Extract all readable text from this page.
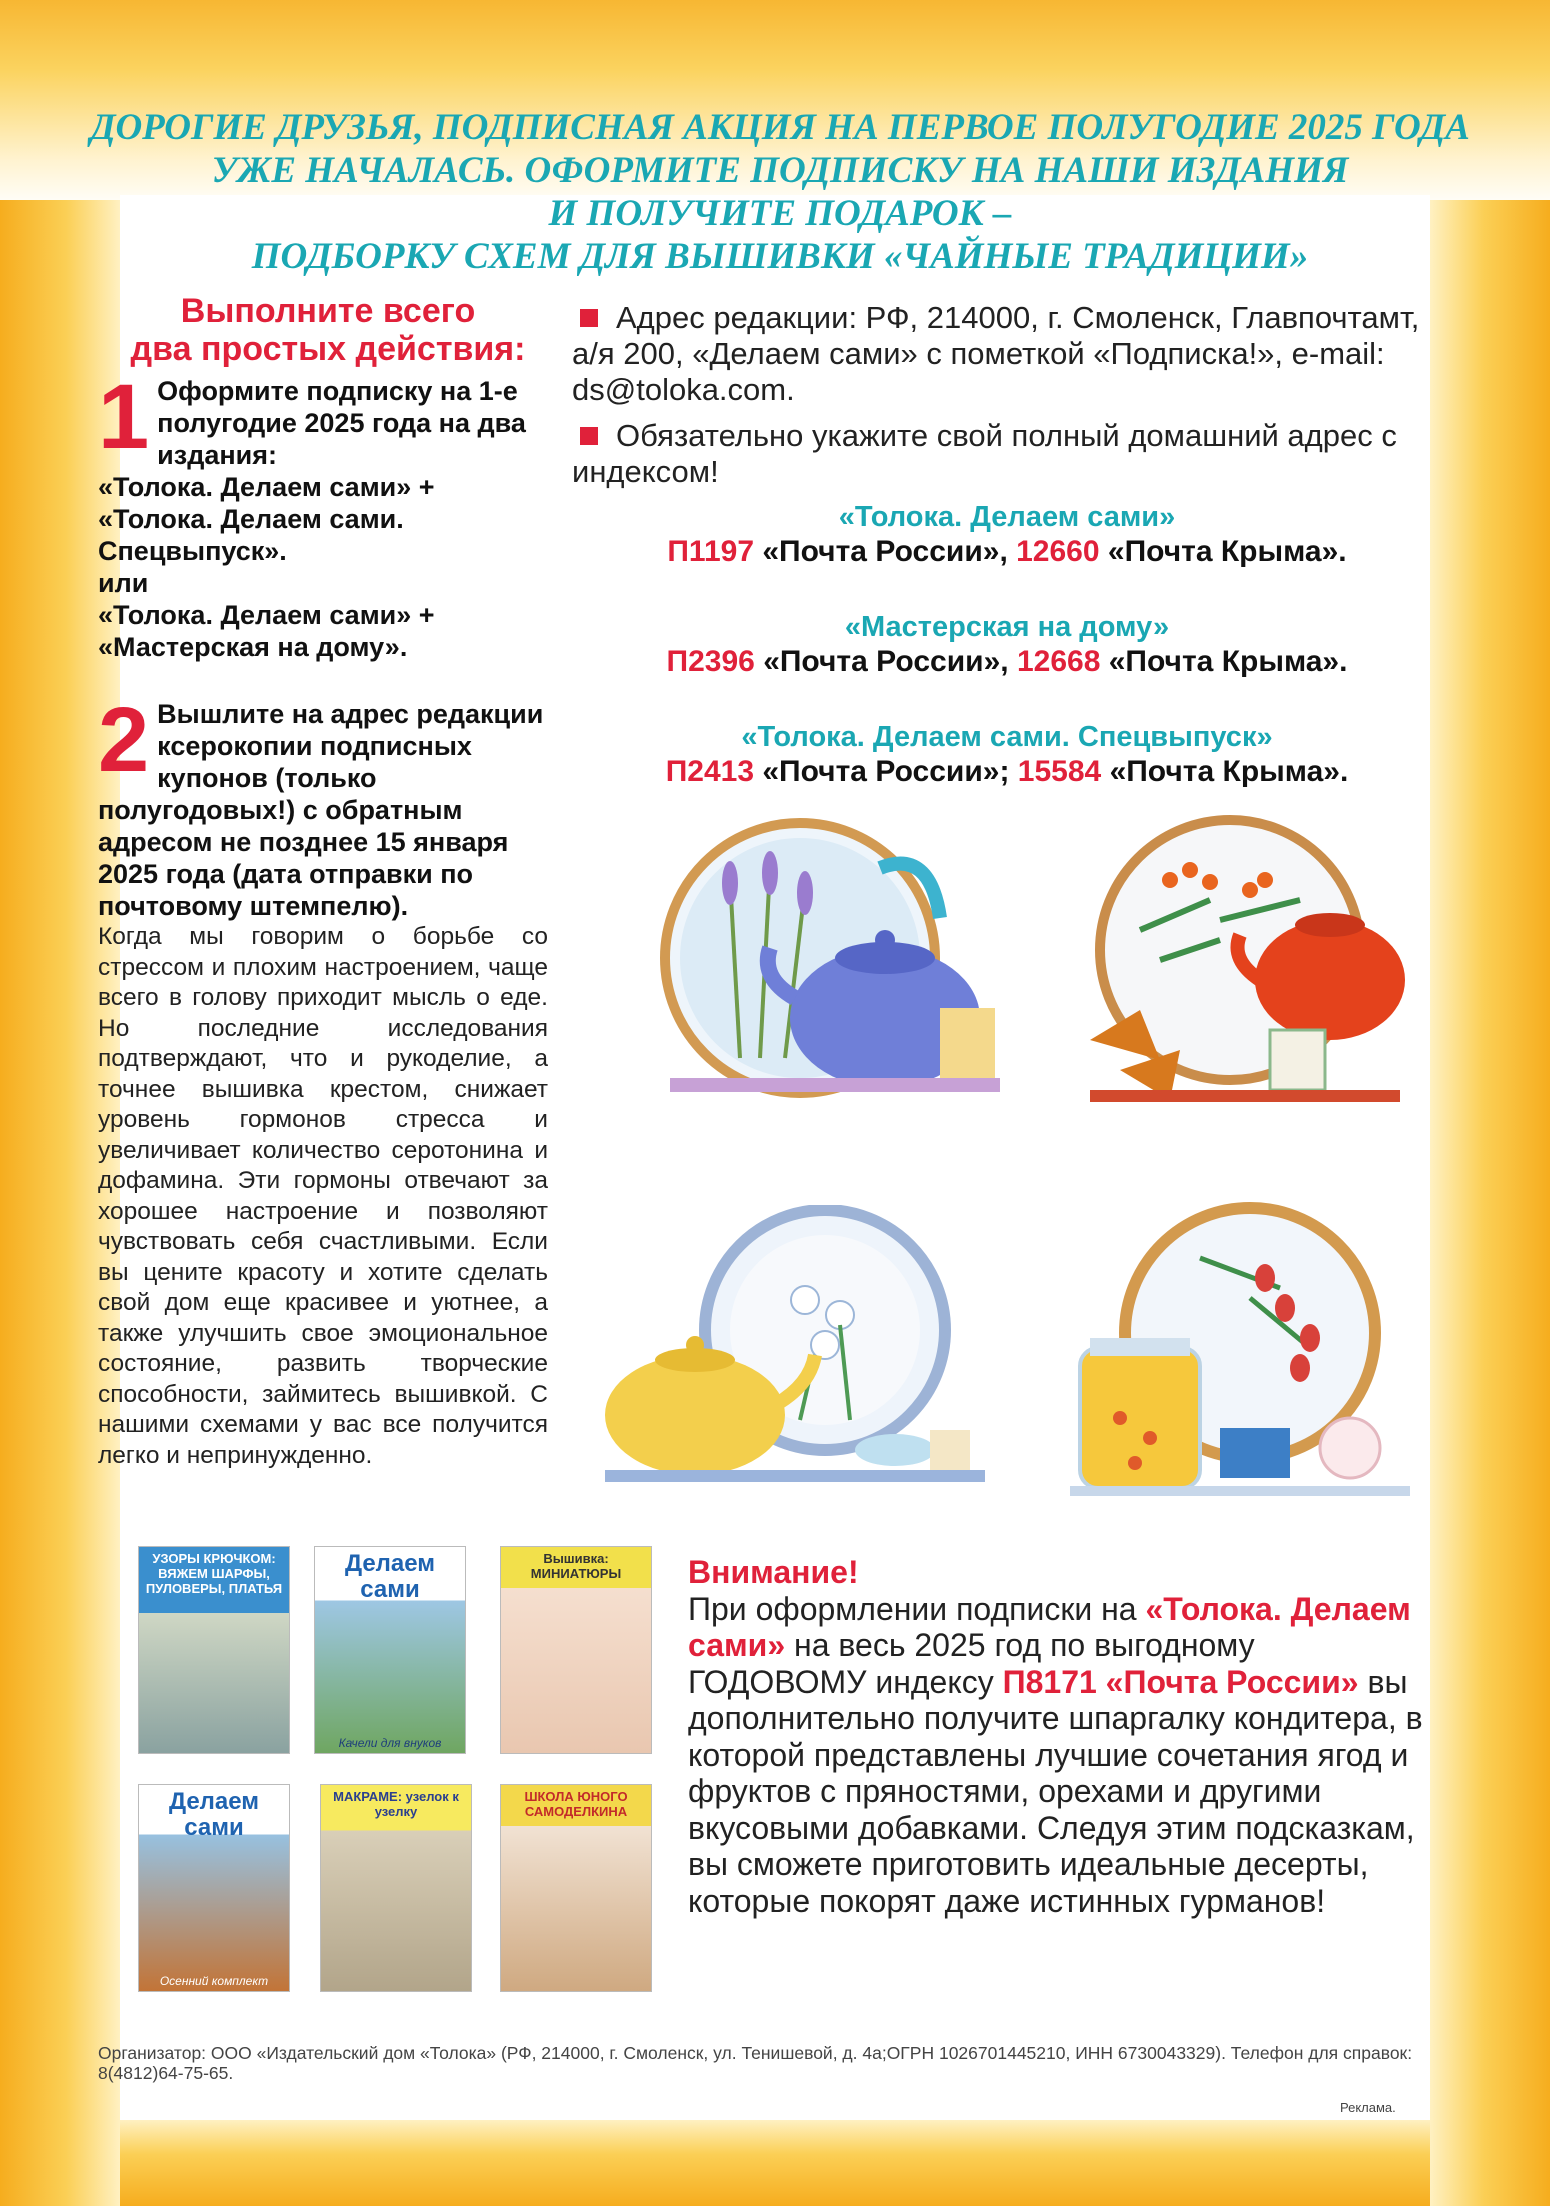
ДОРОГИЕ ДРУЗЬЯ, ПОДПИСНАЯ АКЦИЯ НА ПЕРВОЕ ПОЛУГОДИЕ 2025 ГОДА
УЖЕ НАЧАЛАСЬ. ОФОРМИТЕ ПОДПИСКУ НА НАШИ ИЗДАНИЯ
И ПОЛУЧИТЕ ПОДАРОК –
ПОДБОРКУ СХЕМ ДЛЯ ВЫШИВКИ «ЧАЙНЫЕ ТРАДИЦИИ»
Выполните всего
два простых действия:
1 Оформите подписку на 1-е полугодие 2025 года на два издания:

«Толока. Делаем сами» + «Толока. Делаем сами. Спецвыпуск».

или

«Толока. Делаем сами» + «Мастерская на дому».

2 Вышлите на адрес редакции ксерокопии подписных купонов (только полугодовых!) с обратным адресом не позднее 15 января 2025 года (дата отправки по почтовому штемпелю).

Когда мы говорим о борьбе со стрессом и плохим настроением, чаще всего в голову приходит мысль о еде. Но последние исследования подтверждают, что и рукоделие, а точнее вышивка крестом, снижает уровень гормонов стресса и увеличивает количество серотонина и дофамина. Эти гормоны отвечают за хорошее настроение и позволяют чувствовать себя счастливыми. Если вы цените красоту и хотите сделать свой дом еще красивее и уютнее, а также улучшить свое эмоциональное состояние, развить творческие способности, займитесь вышивкой. С нашими схемами у вас все получится легко и непринужденно.
Адрес редакции: РФ, 214000, г. Смоленск, Главпочтамт, а/я 200, «Делаем сами» с пометкой «Подписка!», e-mail: ds@toloka.com.
Обязательно укажите свой полный домашний адрес с индексом!
«Толока. Делаем сами»
П1197 «Почта России», 12660 «Почта Крыма».
«Мастерская на дому»
П2396 «Почта России», 12668 «Почта Крыма».
«Толока. Делаем сами. Спецвыпуск»
П2413 «Почта России»; 15584 «Почта Крыма».
УЗОРЫ КРЮЧКОМ: ВЯЖЕМ ШАРФЫ, ПУЛОВЕРЫ, ПЛАТЬЯ
Делаем сами
Качели для внуков
Вышивка: МИНИАТЮРЫ
Делаем сами
Осенний комплект
МАКРАМЕ: узелок к узелку
ШКОЛА ЮНОГО САМОДЕЛКИНА
Внимание!
При оформлении подписки на «Толока. Делаем сами» на весь 2025 год по выгодному ГОДОВОМУ индексу П8171 «Почта России» вы дополнительно получите шпаргалку кондитера, в которой представлены лучшие сочетания ягод и фруктов с пряностями, орехами и другими вкусовыми добавками. Следуя этим подсказкам, вы сможете приготовить идеальные десерты, которые покорят даже истинных гурманов!
Организатор: ООО «Издательский дом «Толока» (РФ, 214000, г. Смоленск, ул. Тенишевой, д. 4а;ОГРН 1026701445210, ИНН 6730043329). Телефон для справок: 8(4812)64-75-65.
Реклама.
